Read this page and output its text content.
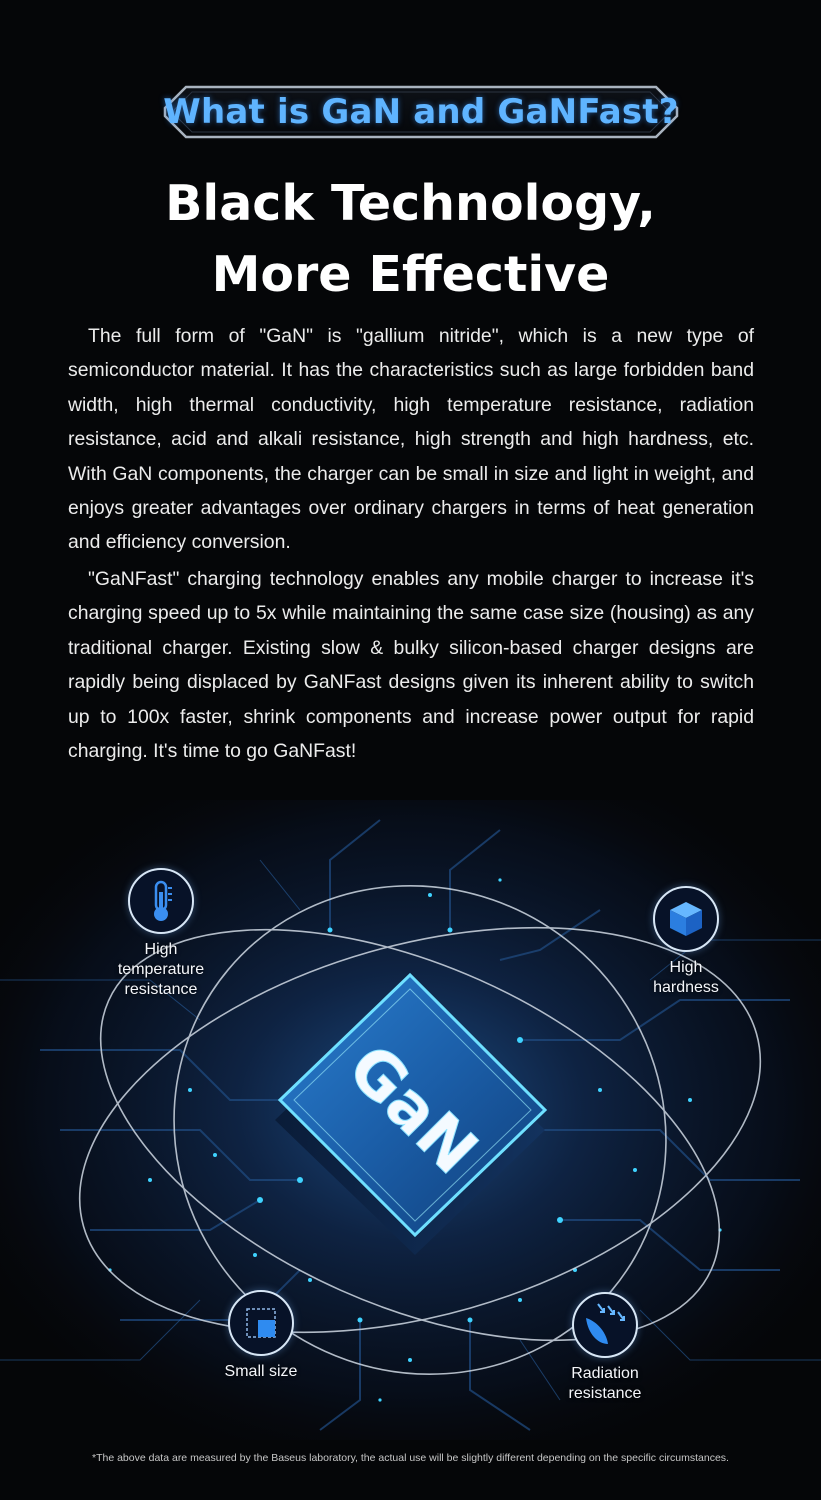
What is GaN and GaNFast?
Black Technology,
More Effective

The full form of "GaN" is "gallium nitride", which is a new type of semiconductor material. It has the characteristics such as large forbidden band width, high thermal conductivity, high temperature resistance, radiation resistance, acid and alkali resistance, high strength and high hardness, etc. With GaN components, the charger can be small in size and light in weight, and enjoys greater advantages over ordinary chargers in terms of heat generation and efficiency conversion.

"GaNFast" charging technology enables any mobile charger to increase it's charging speed up to 5x while maintaining the same case size (housing) as any traditional charger. Existing slow & bulky silicon-based charger designs are rapidly being displaced by GaNFast designs given its inherent ability to switch up to 100x faster, shrink components and increase power output for rapid charging. It's time to go GaNFast!

GaN
High temperature resistance
High hardness
Small size	Radiation resistance
*The above data are measured by the Baseus laboratory, the actual use will be slightly different depending on the specific circumstances.
